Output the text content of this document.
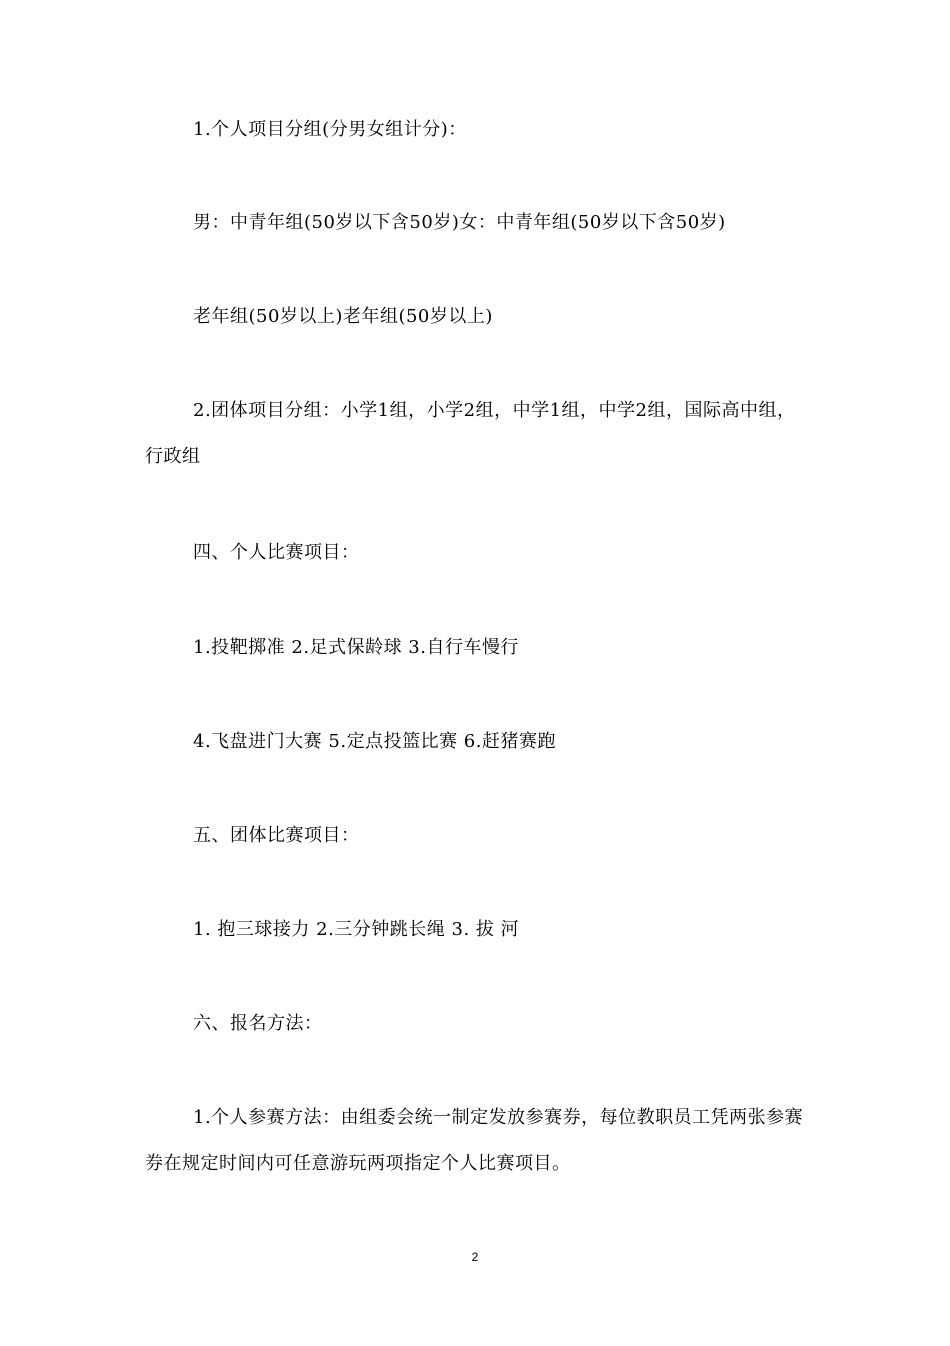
1.个人项目分组(分男女组计分)：

男：中青年组(50岁以下含50岁)女：中青年组(50岁以下含50岁)

老年组(50岁以上)老年组(50岁以上)

2.团体项目分组：小学1组，小学2组，中学1组，中学2组，国际高中组，行政组

四、个人比赛项目：

1.投靶掷准 2.足式保龄球 3.自行车慢行

4.飞盘进门大赛 5.定点投篮比赛 6.赶猪赛跑

五、团体比赛项目：

1. 抱三球接力 2.三分钟跳长绳 3. 拔 河

六、报名方法：

1.个人参赛方法：由组委会统一制定发放参赛券，每位教职员工凭两张参赛券在规定时间内可任意游玩两项指定个人比赛项目。

2
